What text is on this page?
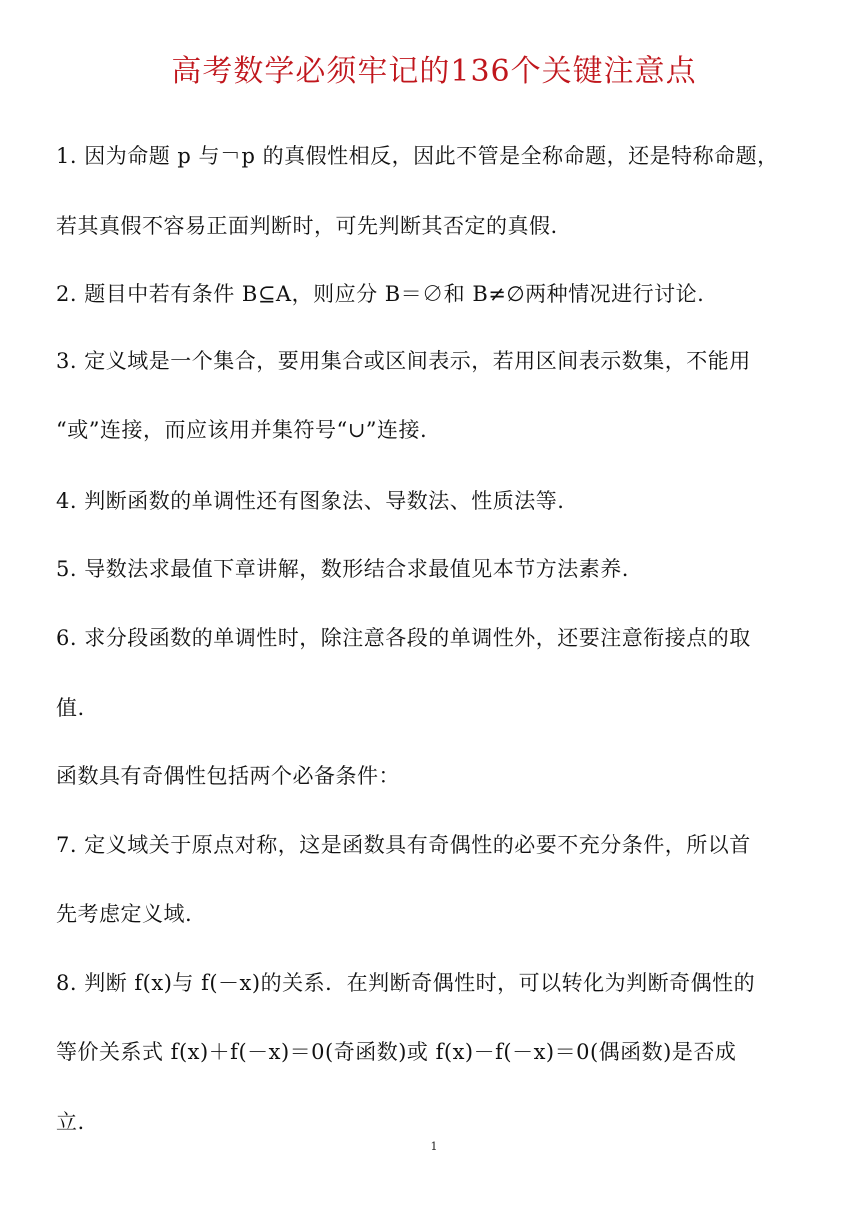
高考数学必须牢记的136个关键注意点
1. 因为命题 p 与￢p 的真假性相反，因此不管是全称命题，还是特称命题，
若其真假不容易正面判断时，可先判断其否定的真假.
2. 题目中若有条件 B⊆A，则应分 B＝∅和 B≠∅两种情况进行讨论.
3. 定义域是一个集合，要用集合或区间表示，若用区间表示数集，不能用
“或”连接，而应该用并集符号“∪”连接.
4. 判断函数的单调性还有图象法、导数法、性质法等.
5. 导数法求最值下章讲解，数形结合求最值见本节方法素养.
6. 求分段函数的单调性时，除注意各段的单调性外，还要注意衔接点的取
值.
函数具有奇偶性包括两个必备条件：
7. 定义域关于原点对称，这是函数具有奇偶性的必要不充分条件，所以首
先考虑定义域.
8. 判断 f(x)与 f(－x)的关系．在判断奇偶性时，可以转化为判断奇偶性的
等价关系式 f(x)＋f(－x)＝0(奇函数)或 f(x)－f(－x)＝0(偶函数)是否成
立.
1
